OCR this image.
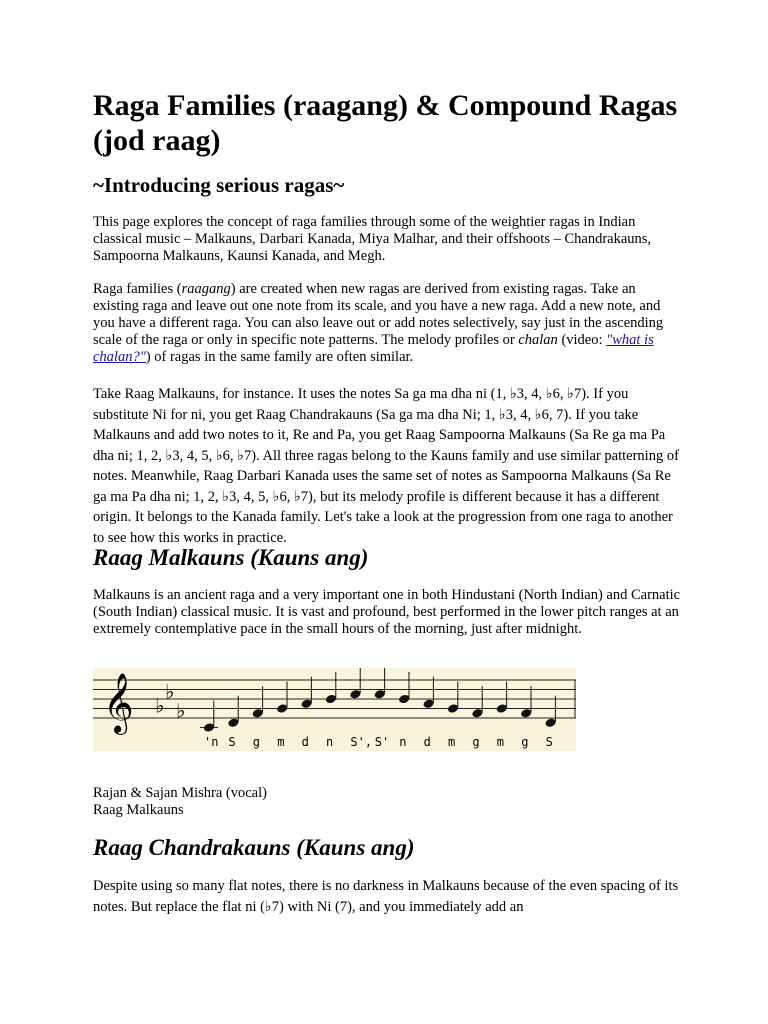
Raga Families (raagang) & Compound Ragas (jod raag)
~Introducing serious ragas~

This page explores the concept of raga families through some of the weightier ragas in Indian classical music – Malkauns, Darbari Kanada, Miya Malhar, and their offshoots – Chandrakauns, Sampoorna Malkauns, Kaunsi Kanada, and Megh.

Raga families (raagang) are created when new ragas are derived from existing ragas. Take an existing raga and leave out one note from its scale, and you have a new raga. Add a new note, and you have a different raga. You can also leave out or add notes selectively, say just in the ascending scale of the raga or only in specific note patterns. The melody profiles or chalan (video: "what is chalan?") of ragas in the same family are often similar.

Take Raag Malkauns, for instance. It uses the notes Sa ga ma dha ni (1, ♭3, 4, ♭6, ♭7). If you substitute Ni for ni, you get Raag Chandrakauns (Sa ga ma dha Ni; 1, ♭3, 4, ♭6, 7). If you take Malkauns and add two notes to it, Re and Pa, you get Raag Sampoorna Malkauns (Sa Re ga ma Pa dha ni; 1, 2, ♭3, 4, 5, ♭6, ♭7). All three ragas belong to the Kauns family and use similar patterning of notes. Meanwhile, Raag Darbari Kanada uses the same set of notes as Sampoorna Malkauns (Sa Re ga ma Pa dha ni; 1, 2, ♭3, 4, 5, ♭6, ♭7), but its melody profile is different because it has a different origin. It belongs to the Kanada family. Let's take a look at the progression from one raga to another to see how this works in practice.

Raag Malkauns (Kauns ang)

Malkauns is an ancient raga and a very important one in both Hindustani (North Indian) and Carnatic (South Indian) classical music. It is vast and profound, best performed in the lower pitch ranges at an extremely contemplative pace in the small hours of the morning, just after midnight.

𝄞 ♭
♭
♭
'n S g m d n S', S' n d m g m g S
Rajan & Sajan Mishra (vocal)
Raag Malkauns
Raag Chandrakauns (Kauns ang)

Despite using so many flat notes, there is no darkness in Malkauns because of the even spacing of its notes. But replace the flat ni (♭7) with Ni (7), and you immediately add an
